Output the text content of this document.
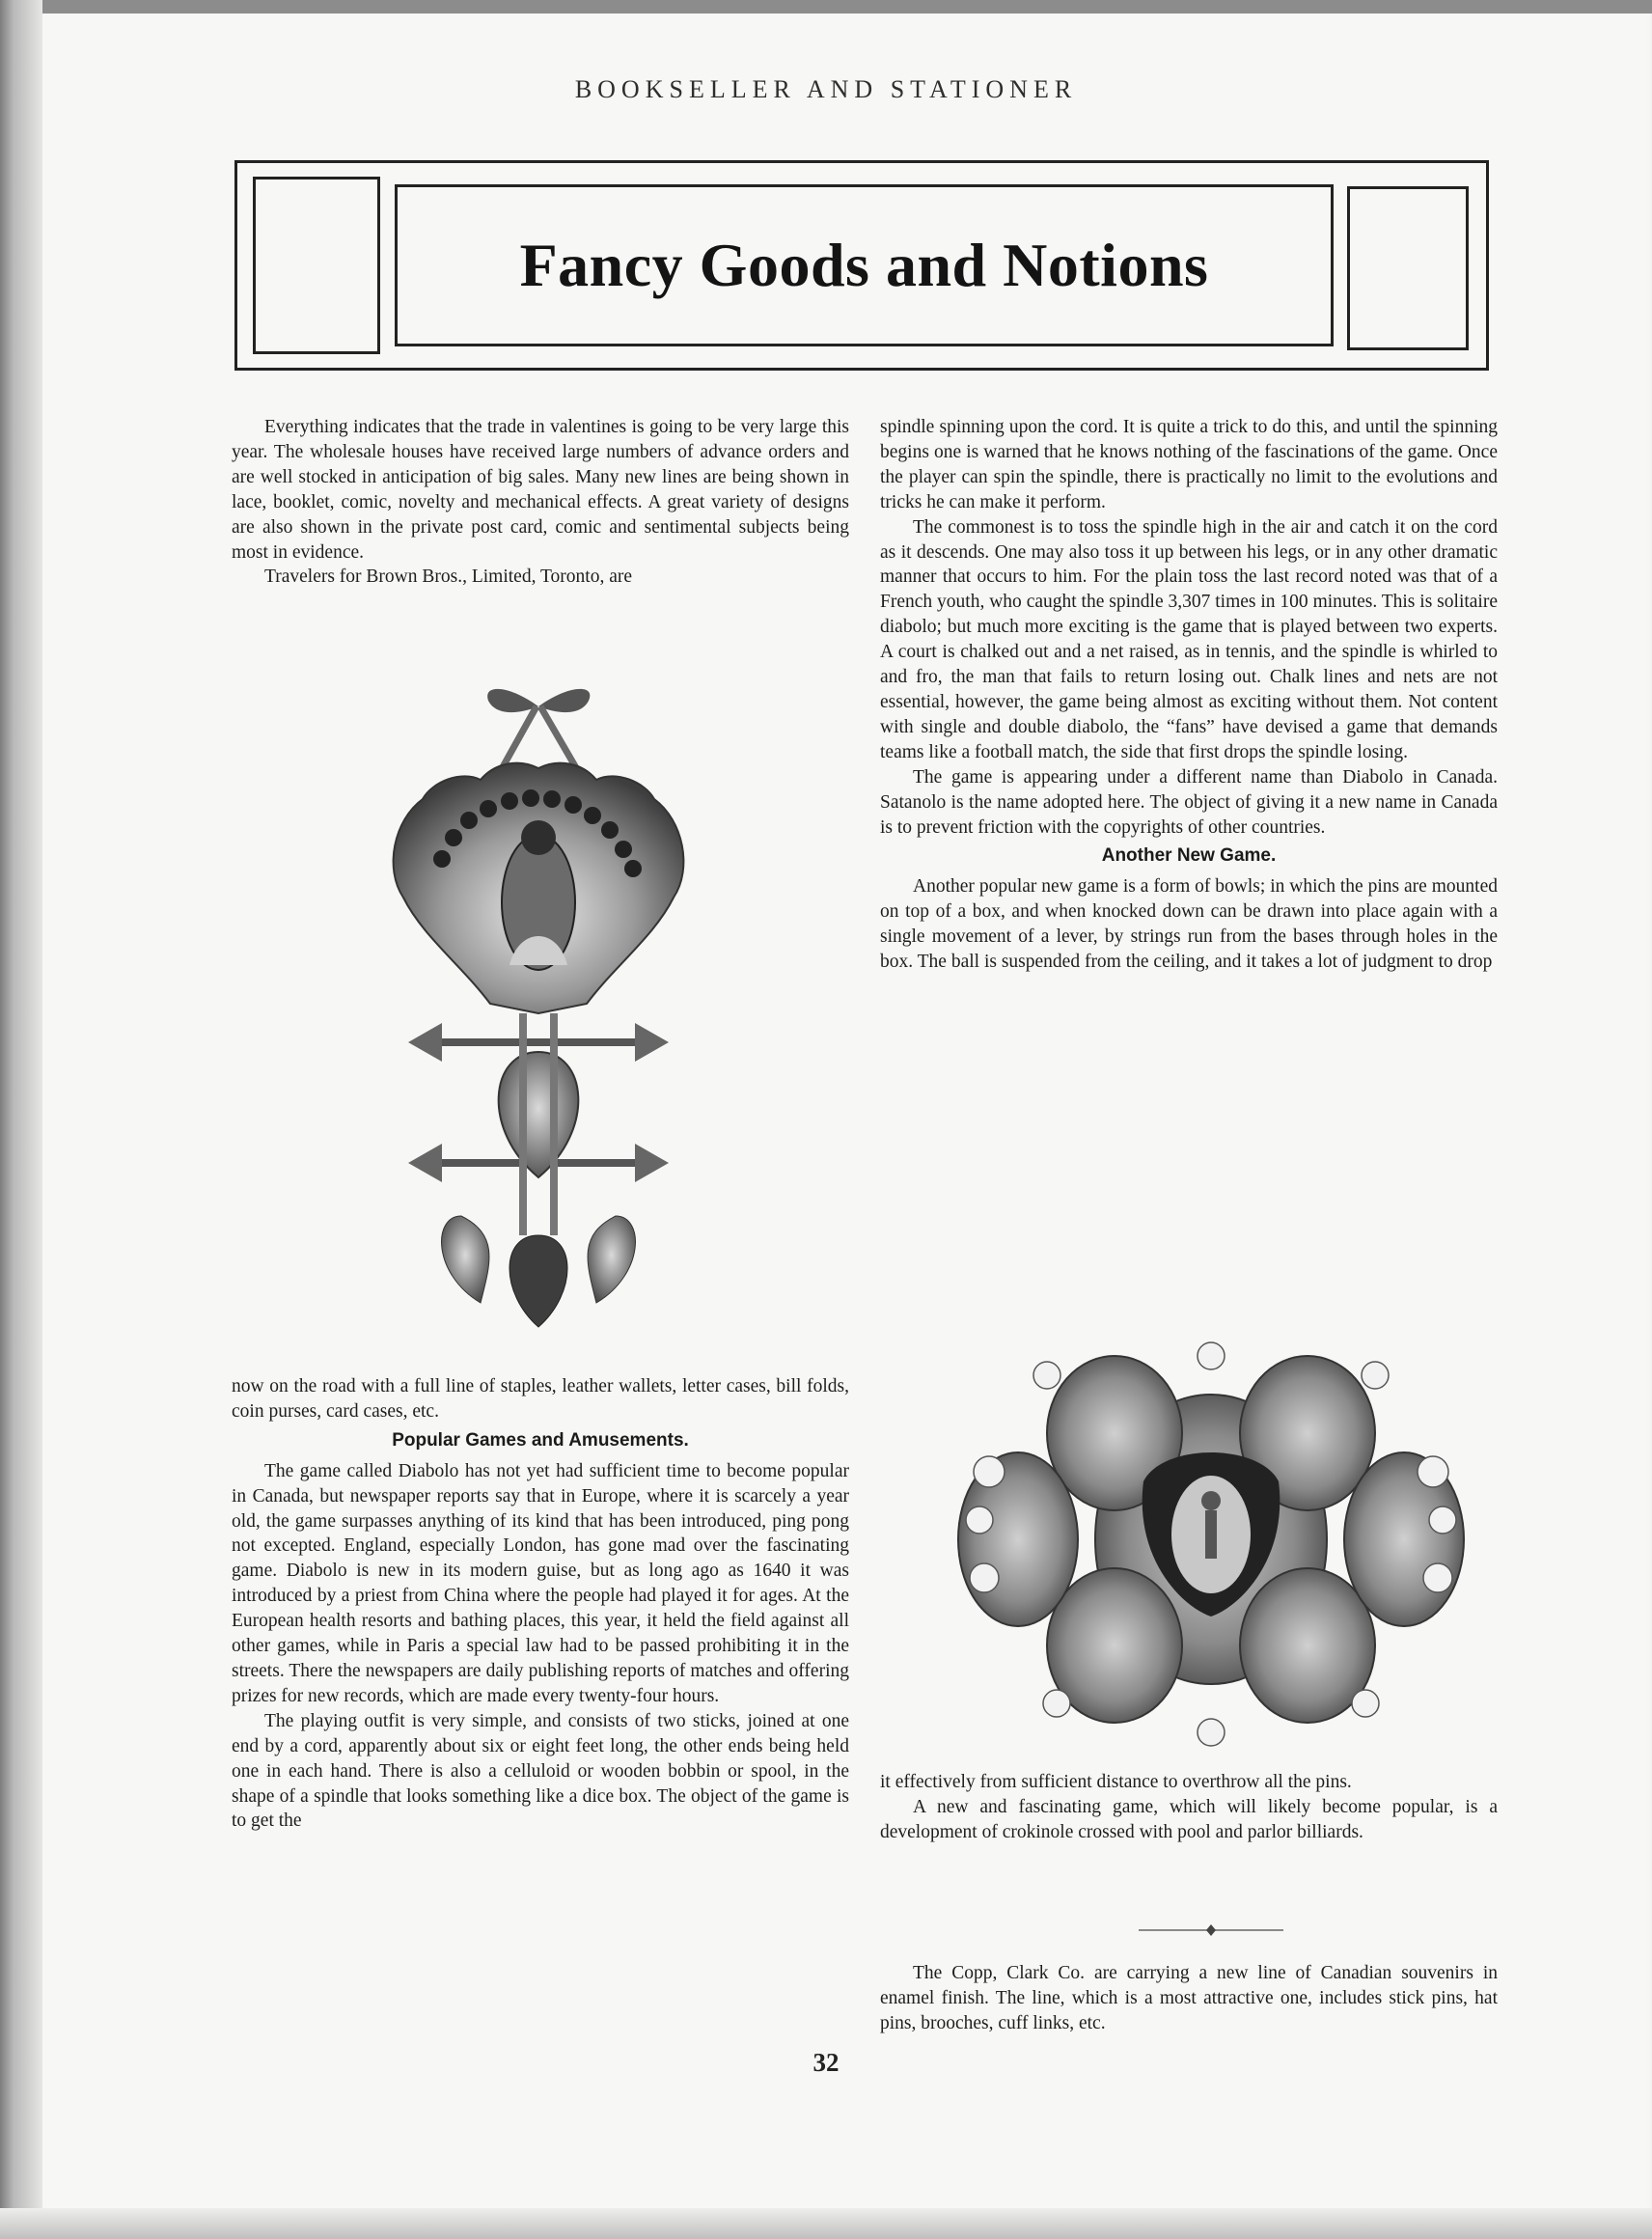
BOOKSELLER AND STATIONER
Fancy Goods and Notions

Everything indicates that the trade in valentines is going to be very large this year. The wholesale houses have received large numbers of advance orders and are well stocked in anticipation of big sales. Many new lines are being shown in lace, booklet, comic, novelty and mechanical effects. A great variety of designs are also shown in the private post card, comic and sentimental subjects being most in evidence.

Travelers for Brown Bros., Limited, Toronto, are

now on the road with a full line of staples, leather wallets, letter cases, bill folds, coin purses, card cases, etc.

Popular Games and Amusements.

The game called Diabolo has not yet had sufficient time to become popular in Canada, but newspaper reports say that in Europe, where it is scarcely a year old, the game surpasses anything of its kind that has been introduced, ping pong not excepted. England, especially London, has gone mad over the fascinating game. Diabolo is new in its modern guise, but as long ago as 1640 it was introduced by a priest from China where the people had played it for ages. At the European health resorts and bathing places, this year, it held the field against all other games, while in Paris a special law had to be passed prohibiting it in the streets. There the newspapers are daily publishing reports of matches and offering prizes for new records, which are made every twenty-four hours.

The playing outfit is very simple, and consists of two sticks, joined at one end by a cord, apparently about six or eight feet long, the other ends being held one in each hand. There is also a celluloid or wooden bobbin or spool, in the shape of a spindle that looks something like a dice box. The object of the game is to get the

spindle spinning upon the cord. It is quite a trick to do this, and until the spinning begins one is warned that he knows nothing of the fascinations of the game. Once the player can spin the spindle, there is practically no limit to the evolutions and tricks he can make it perform.

The commonest is to toss the spindle high in the air and catch it on the cord as it descends. One may also toss it up between his legs, or in any other dramatic manner that occurs to him. For the plain toss the last record noted was that of a French youth, who caught the spindle 3,307 times in 100 minutes. This is solitaire diabolo; but much more exciting is the game that is played between two experts. A court is chalked out and a net raised, as in tennis, and the spindle is whirled to and fro, the man that fails to return losing out. Chalk lines and nets are not essential, however, the game being almost as exciting without them. Not content with single and double diabolo, the “fans” have devised a game that demands teams like a football match, the side that first drops the spindle losing.

The game is appearing under a different name than Diabolo in Canada. Satanolo is the name adopted here. The object of giving it a new name in Canada is to prevent friction with the copyrights of other countries.

Another New Game.

Another popular new game is a form of bowls; in which the pins are mounted on top of a box, and when knocked down can be drawn into place again with a single movement of a lever, by strings run from the bases through holes in the box. The ball is suspended from the ceiling, and it takes a lot of judgment to drop

it effectively from sufficient distance to overthrow all the pins.

A new and fascinating game, which will likely become popular, is a development of crokinole crossed with pool and parlor billiards.

The Copp, Clark Co. are carrying a new line of Canadian souvenirs in enamel finish. The line, which is a most attractive one, includes stick pins, hat pins, brooches, cuff links, etc.

32
